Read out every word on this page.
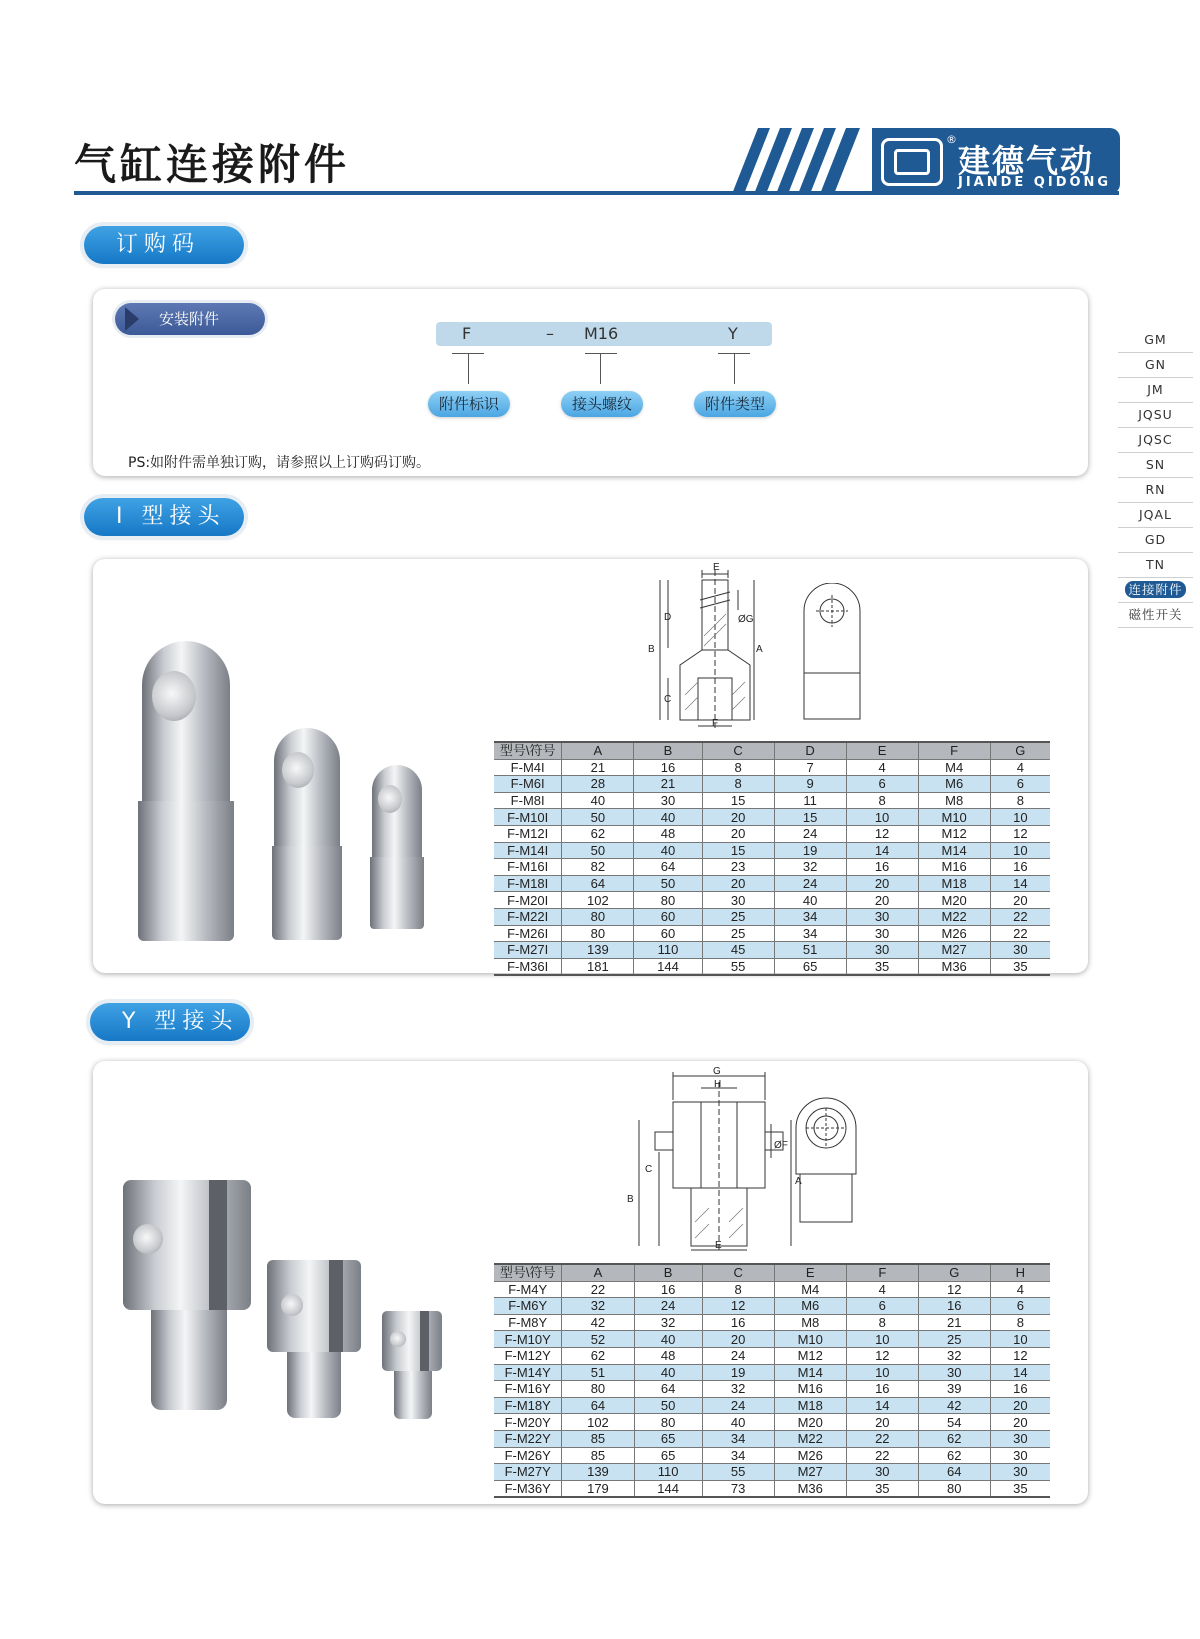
气缸连接附件
®
建德气动
JIANDE QIDONG
GM
GN
JM
JQSU
JQSC
SN
RN
JQAL
GD
TN
连接附件
磁性开关
订购码
安装附件
F	– M16	Y
附件标识	接头螺纹	附件类型
PS:如附件需单独订购，请参照以上订购码订购。
I 型接头
E
ØG
D
B	A
C
F
型号\符号	A	B	C	D	E	F	G
F-M4I	21	16	8	7	4	M4	4
F-M6I	28	21	8	9	6	M6	6
F-M8I	40	30	15	11	8	M8	8
F-M10I	50	40	20	15	10	M10	10
F-M12I	62	48	20	24	12	M12	12
F-M14I	50	40	15	19	14	M14	10
F-M16I	82	64	23	32	16	M16	16
F-M18I	64	50	20	24	20	M18	14
F-M20I	102	80	30	40	20	M20	20
F-M22I	80	60	25	34	30	M22	22
F-M26I	80	60	25	34	30	M26	22
F-M27I	139	110	45	51	30	M27	30
F-M36I	181	144	55	65	35	M36	35
Y 型接头
G
H
ØF
C
B
A
E
型号\符号	A	B	C	E	F	G	H
F-M4Y	22	16	8	M4	4	12	4
F-M6Y	32	24	12	M6	6	16	6
F-M8Y	42	32	16	M8	8	21	8
F-M10Y	52	40	20	M10	10	25	10
F-M12Y	62	48	24	M12	12	32	12
F-M14Y	51	40	19	M14	10	30	14
F-M16Y	80	64	32	M16	16	39	16
F-M18Y	64	50	24	M18	14	42	20
F-M20Y	102	80	40	M20	20	54	20
F-M22Y	85	65	34	M22	22	62	30
F-M26Y	85	65	34	M26	22	62	30
F-M27Y	139	110	55	M27	30	64	30
F-M36Y	179	144	73	M36	35	80	35
